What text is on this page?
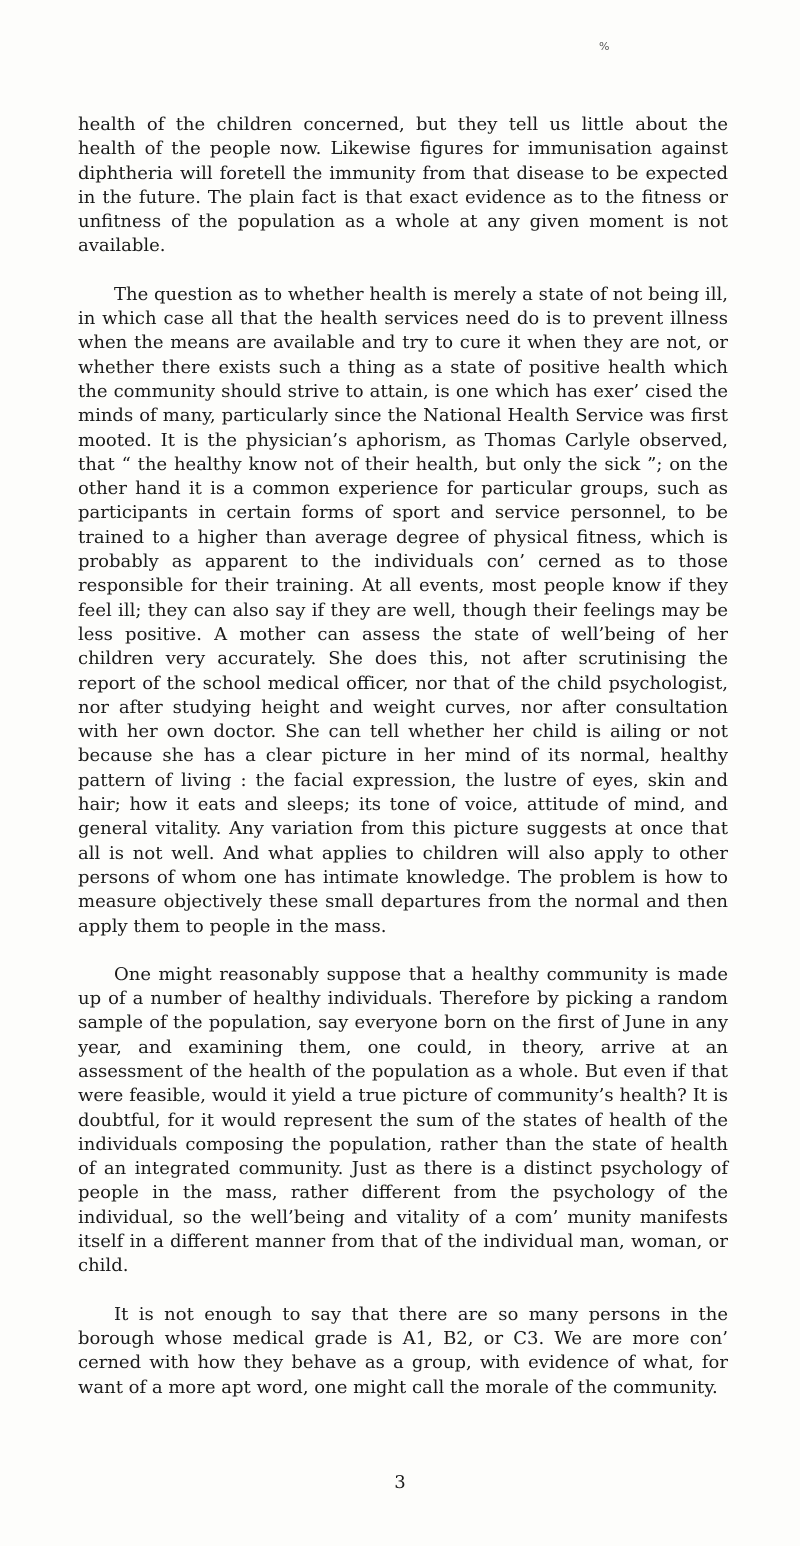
%

health of the children concerned, but they tell us little about the health of the people now. Likewise figures for immunisation against diphtheria will foretell the immunity from that disease to be expected in the future. The plain fact is that exact evidence as to the fitness or unfitness of the population as a whole at any given moment is not available.

The question as to whether health is merely a state of not being ill, in which case all that the health services need do is to prevent illness when the means are available and try to cure it when they are not, or whether there exists such a thing as a state of positive health which the community should strive to attain, is one which has exer’ cised the minds of many, particularly since the National Health Service was first mooted. It is the physician’s aphorism, as Thomas Carlyle observed, that “ the healthy know not of their health, but only the sick ”; on the other hand it is a common experience for particular groups, such as participants in certain forms of sport and service personnel, to be trained to a higher than average degree of physical fitness, which is probably as apparent to the individuals con’ cerned as to those responsible for their training. At all events, most people know if they feel ill; they can also say if they are well, though their feelings may be less positive. A mother can assess the state of well’being of her children very accurately. She does this, not after scrutinising the report of the school medical officer, nor that of the child psychologist, nor after studying height and weight curves, nor after consultation with her own doctor. She can tell whether her child is ailing or not because she has a clear picture in her mind of its normal, healthy pattern of living : the facial expression, the lustre of eyes, skin and hair; how it eats and sleeps; its tone of voice, attitude of mind, and general vitality. Any variation from this picture suggests at once that all is not well. And what applies to children will also apply to other persons of whom one has intimate knowledge. The problem is how to measure objectively these small departures from the normal and then apply them to people in the mass.

One might reasonably suppose that a healthy community is made up of a number of healthy individuals. Therefore by picking a random sample of the population, say everyone born on the first of June in any year, and examining them, one could, in theory, arrive at an assessment of the health of the population as a whole. But even if that were feasible, would it yield a true picture of community’s health? It is doubtful, for it would represent the sum of the states of health of the individuals composing the population, rather than the state of health of an integrated community. Just as there is a distinct psychology of people in the mass, rather different from the psychology of the individual, so the well’being and vitality of a com’ munity manifests itself in a different manner from that of the individual man, woman, or child.

It is not enough to say that there are so many persons in the borough whose medical grade is A1, B2, or C3. We are more con’ cerned with how they behave as a group, with evidence of what, for want of a more apt word, one might call the morale of the community.

3
